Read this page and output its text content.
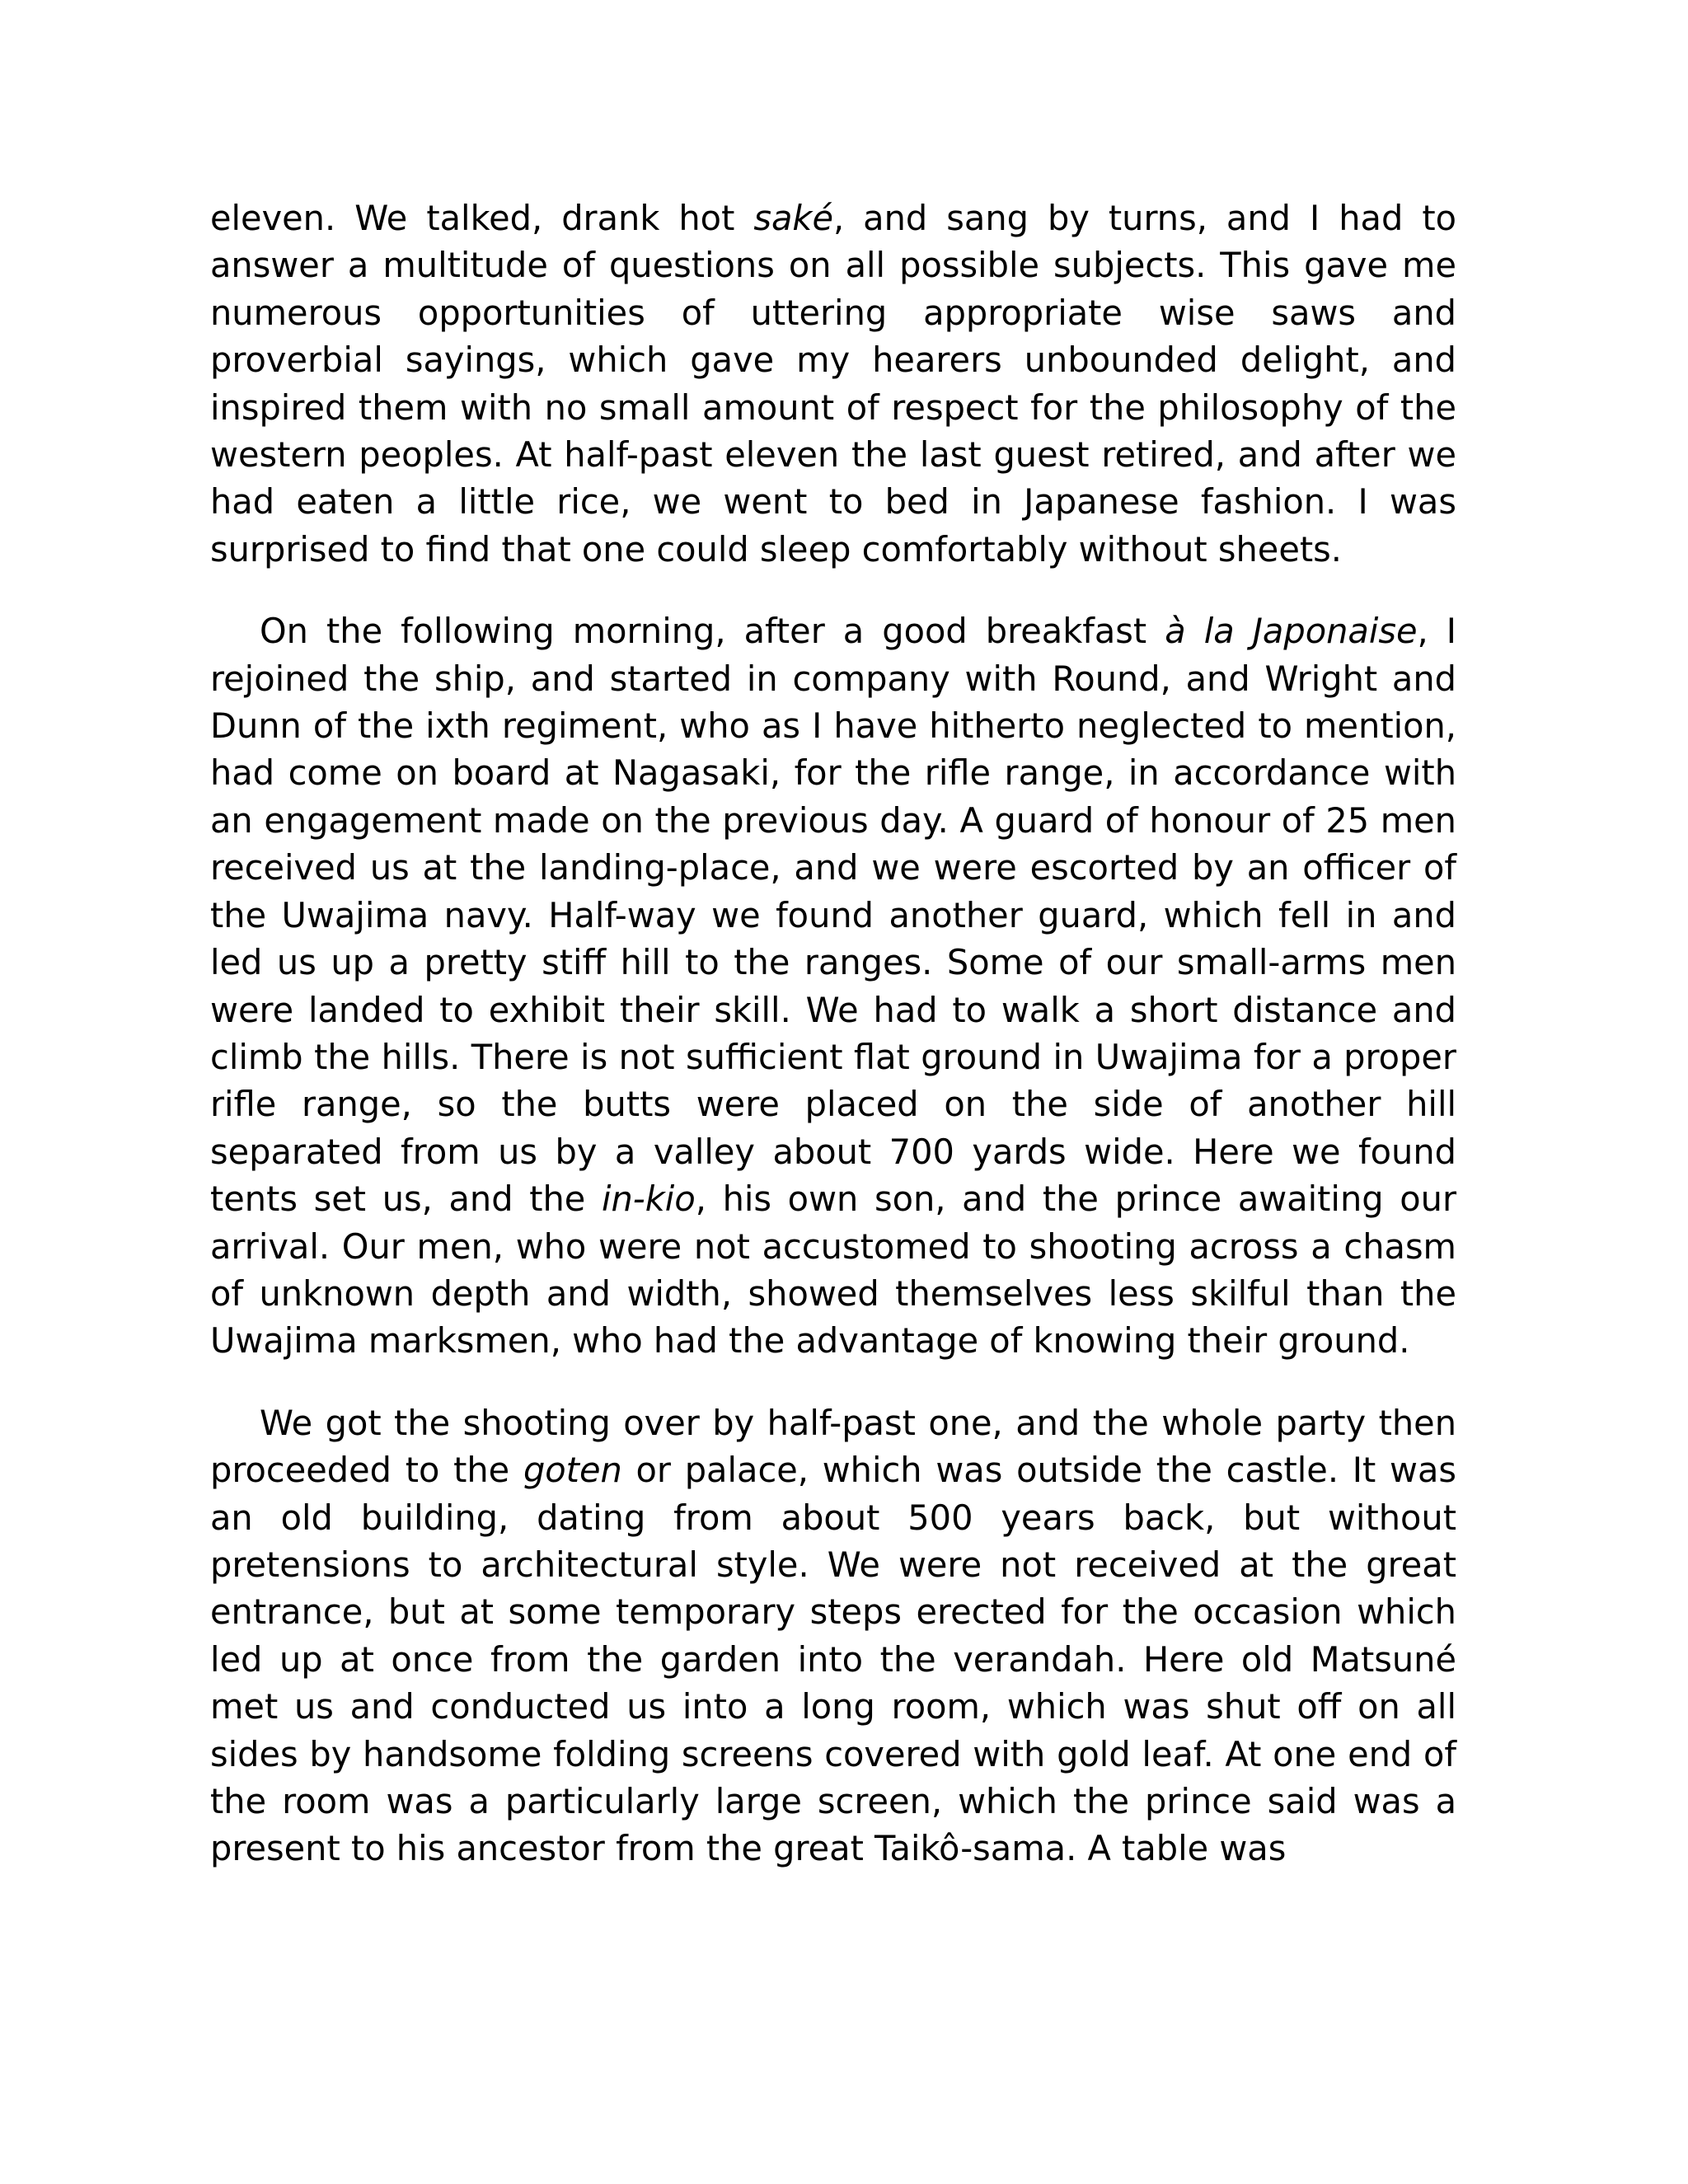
eleven. We talked, drank hot saké, and sang by turns, and I had to answer a multitude of questions on all possible subjects. This gave me numerous opportunities of uttering appropriate wise saws and proverbial sayings, which gave my hearers unbounded delight, and inspired them with no small amount of respect for the philosophy of the western peoples. At half-past eleven the last guest retired, and after we had eaten a little rice, we went to bed in Japanese fashion. I was surprised to find that one could sleep comfortably without sheets.

On the following morning, after a good breakfast à la Japonaise, I rejoined the ship, and started in company with Round, and Wright and Dunn of the ixth regiment, who as I have hitherto neglected to mention, had come on board at Nagasaki, for the rifle range, in accordance with an engagement made on the previous day. A guard of honour of 25 men received us at the landing-place, and we were escorted by an officer of the Uwajima navy. Half-way we found another guard, which fell in and led us up a pretty stiff hill to the ranges. Some of our small-arms men were landed to exhibit their skill. We had to walk a short distance and climb the hills. There is not sufficient flat ground in Uwajima for a proper rifle range, so the butts were placed on the side of another hill separated from us by a valley about 700 yards wide. Here we found tents set us, and the in-kio, his own son, and the prince awaiting our arrival. Our men, who were not accustomed to shooting across a chasm of unknown depth and width, showed themselves less skilful than the Uwajima marksmen, who had the advantage of knowing their ground.

We got the shooting over by half-past one, and the whole party then proceeded to the goten or palace, which was outside the castle. It was an old building, dating from about 500 years back, but without pretensions to architectural style. We were not received at the great entrance, but at some temporary steps erected for the occasion which led up at once from the garden into the verandah. Here old Matsuné met us and conducted us into a long room, which was shut off on all sides by handsome folding screens covered with gold leaf. At one end of the room was a particularly large screen, which the prince said was a present to his ancestor from the great Taikô-sama. A table was
